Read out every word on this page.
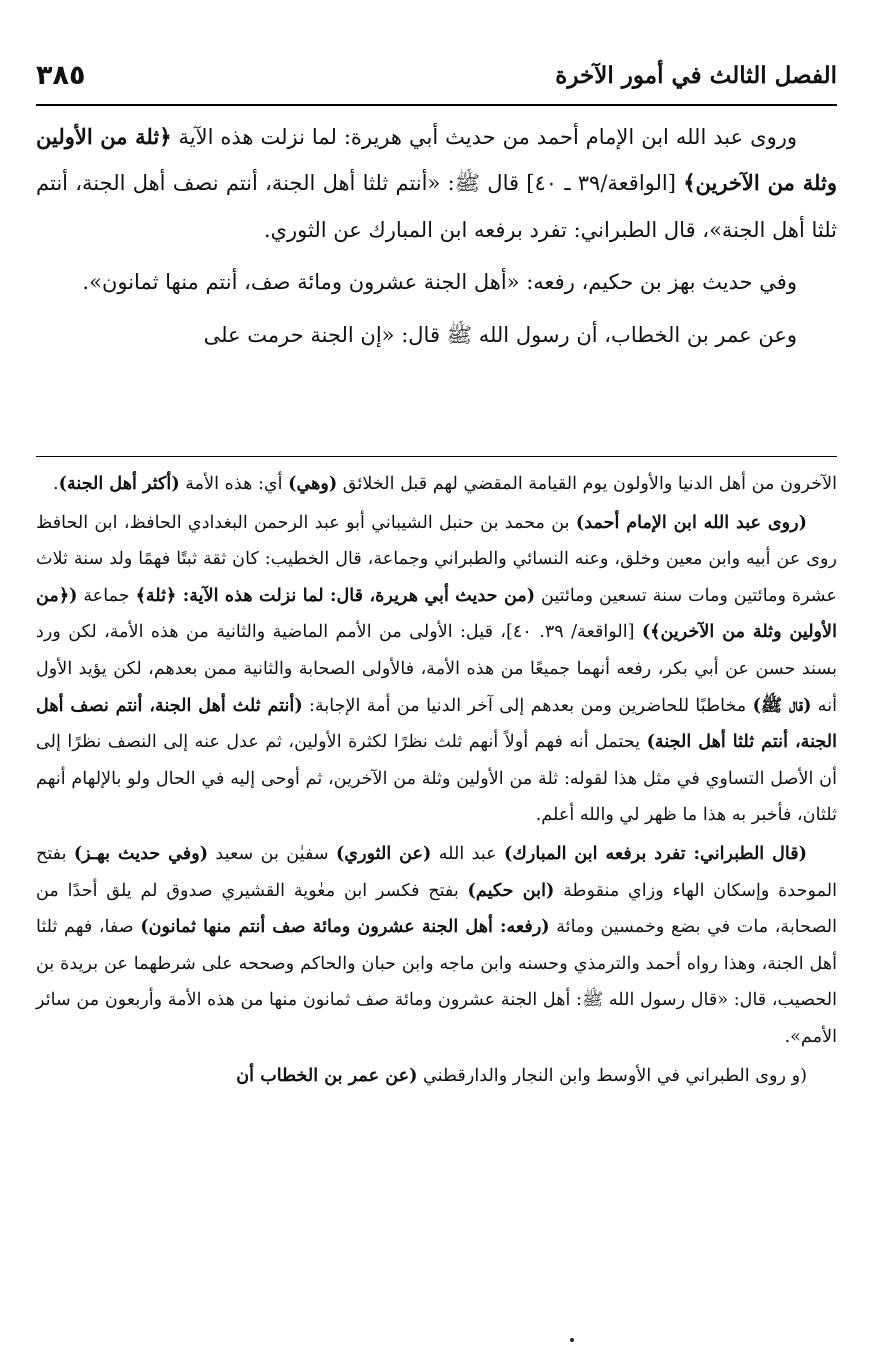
٣٨٥	الفصل الثالث في أمور الآخرة

وروى عبد الله ابن الإمام أحمد من حديث أبي هريرة: لما نزلت هذه الآية ﴿ثلة من الأولين وثلة من الآخرين﴾ [الواقعة/٣٩ ـ ٤٠] قال ﷺ: «أنتم ثلثا أهل الجنة، أنتم نصف أهل الجنة، أنتم ثلثا أهل الجنة»، قال الطبراني: تفرد برفعه ابن المبارك عن الثوري.

وفي حديث بهز بن حكيم، رفعه: «أهل الجنة عشرون ومائة صف، أنتم منها ثمانون».

وعن عمر بن الخطاب، أن رسول الله ﷺ قال: «إن الجنة حرمت على

الآخرون من أهل الدنيا والأولون يوم القيامة المقضي لهم قبل الخلائق (وهي) أي: هذه الأمة (أكثر أهل الجنة).

(روى عبد الله ابن الإمام أحمد) بن محمد بن حنبل الشيباني أبو عبد الرحمن البغدادي الحافظ، ابن الحافظ روى عن أبيه وابن معين وخلق، وعنه النسائي والطبراني وجماعة، قال الخطيب: كان ثقة ثبتًا فهمًا ولد سنة ثلاث عشرة ومائتين ومات سنة تسعين ومائتين (من حديث أبي هريرة، قال: لما نزلت هذه الآية: ﴿ثلة﴾ جماعة (﴿من الأولين وثلة من الآخرين﴾) [الواقعة/ ٣٩. ٤٠]، قيل: الأولى من الأمم الماضية والثانية من هذه الأمة، لكن ورد بسند حسن عن أبي بكر، رفعه أنهما جميعًا من هذه الأمة، فالأولى الصحابة والثانية ممن بعدهم، لكن يؤيد الأول أنه (قال ﷺ) مخاطبًا للحاضرين ومن بعدهم إلى آخر الدنيا من أمة الإجابة: (أنتم ثلث أهل الجنة، أنتم نصف أهل الجنة، أنتم ثلثا أهل الجنة) يحتمل أنه فهم أولاً أنهم ثلث نظرًا لكثرة الأولين، ثم عدل عنه إلى النصف نظرًا إلى أن الأصل التساوي في مثل هذا لقوله: ثلة من الأولين وثلة من الآخرين، ثم أوحى إليه في الحال ولو بالإلهام أنهم ثلثان، فأخبر به هذا ما ظهر لي والله أعلم.

(قال الطبراني: تفرد برفعه ابن المبارك) عبد الله (عن الثوري) سفيٰن بن سعيد (وفي حديث بهـز) بفتح الموحدة وإسكان الهاء وزاي منقوطة (ابن حكيم) بفتح فكسر ابن معٰوية القشيري صدوق لم يلق أحدًا من الصحابة، مات في بضع وخمسين ومائة (رفعه: أهل الجنة عشرون ومائة صف أنتم منها ثمانون) صفا، فهم ثلثا أهل الجنة، وهذا رواه أحمد والترمذي وحسنه وابن ماجه وابن حبان والحاكم وصححه على شرطهما عن بريدة بن الحصيب، قال: «قال رسول الله ﷺ: أهل الجنة عشرون ومائة صف ثمانون منها من هذه الأمة وأربعون من سائر الأمم».

(و روى الطبراني في الأوسط وابن النجار والدارقطني (عن عمر بن الخطاب أن
